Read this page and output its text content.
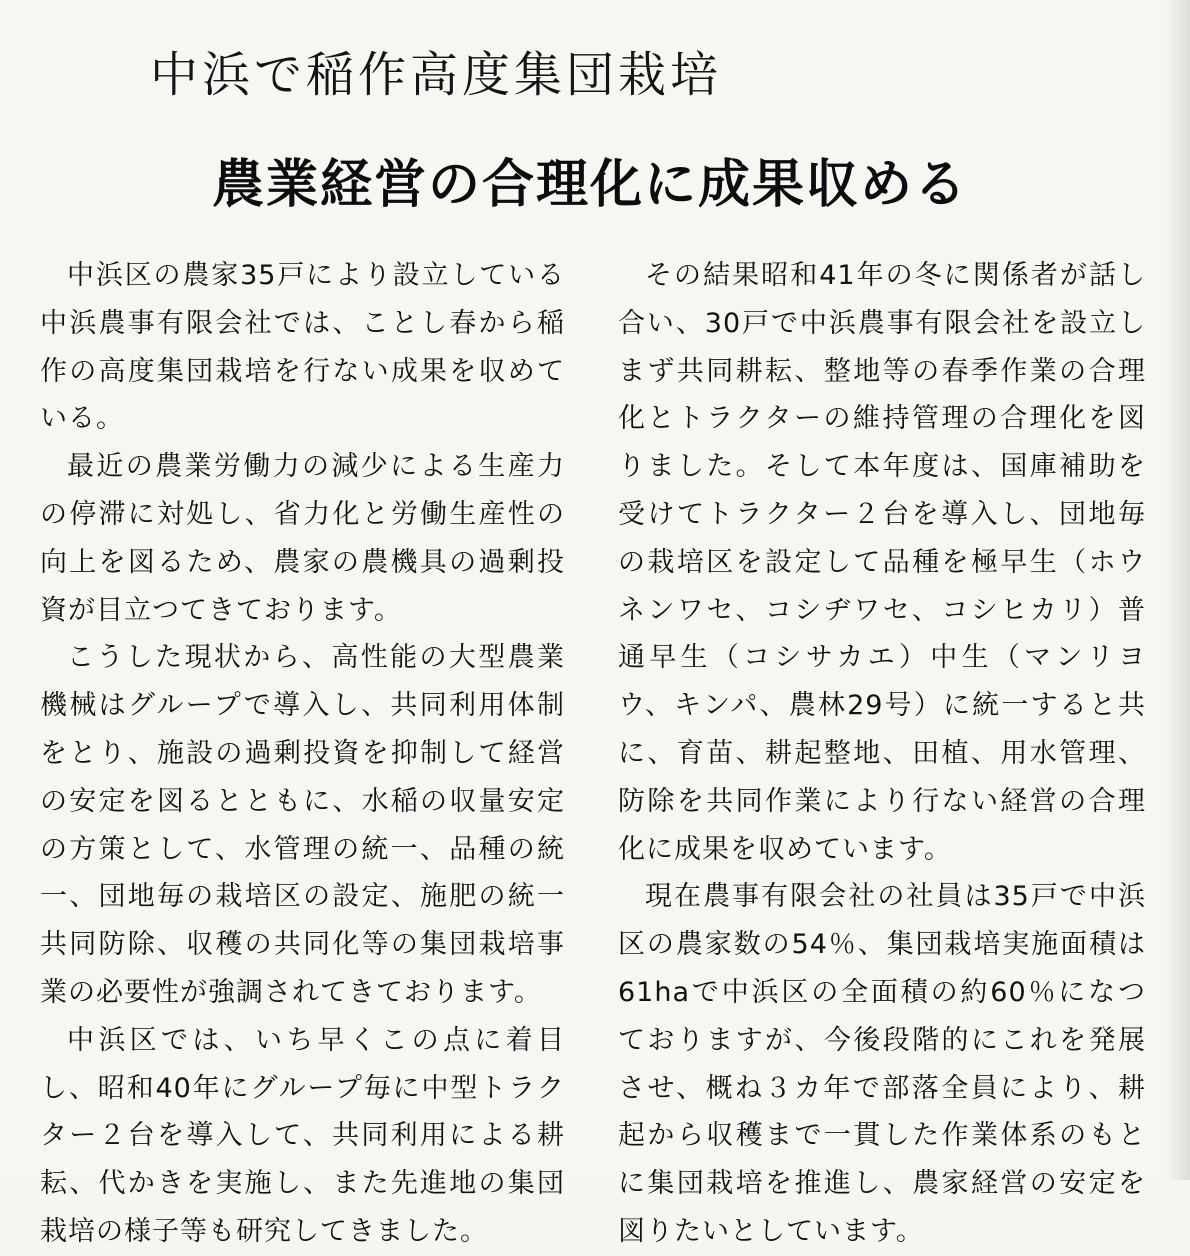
中浜で稲作高度集団栽培
農業経営の合理化に成果収める

中浜区の農家35戸により設立している中浜農事有限会社では、ことし春から稲作の高度集団栽培を行ない成果を収めている。

最近の農業労働力の減少による生産力の停滞に対処し、省力化と労働生産性の向上を図るため、農家の農機具の過剰投資が目立つてきております。

こうした現状から、高性能の大型農業機械はグループで導入し、共同利用体制をとり、施設の過剰投資を抑制して経営の安定を図るとともに、水稲の収量安定の方策として、水管理の統一、品種の統一、団地毎の栽培区の設定、施肥の統一共同防除、収穫の共同化等の集団栽培事業の必要性が強調されてきております。

中浜区では、いち早くこの点に着目し、昭和40年にグループ毎に中型トラクター２台を導入して、共同利用による耕耘、代かきを実施し、また先進地の集団栽培の様子等も研究してきました。

その結果昭和41年の冬に関係者が話し合い、30戸で中浜農事有限会社を設立しまず共同耕耘、整地等の春季作業の合理化とトラクターの維持管理の合理化を図りました。そして本年度は、国庫補助を受けてトラクター２台を導入し、団地毎の栽培区を設定して品種を極早生（ホウネンワセ、コシヂワセ、コシヒカリ）普通早生（コシサカエ）中生（マンリヨウ、キンパ、農林29号）に統一すると共に、育苗、耕起整地、田植、用水管理、防除を共同作業により行ない経営の合理化に成果を収めています。

現在農事有限会社の社員は35戸で中浜区の農家数の54％、集団栽培実施面積は61haで中浜区の全面積の約60％になつておりますが、今後段階的にこれを発展させ、概ね３カ年で部落全員により、耕起から収穫まで一貫した作業体系のもとに集団栽培を推進し、農家経営の安定を図りたいとしています。
